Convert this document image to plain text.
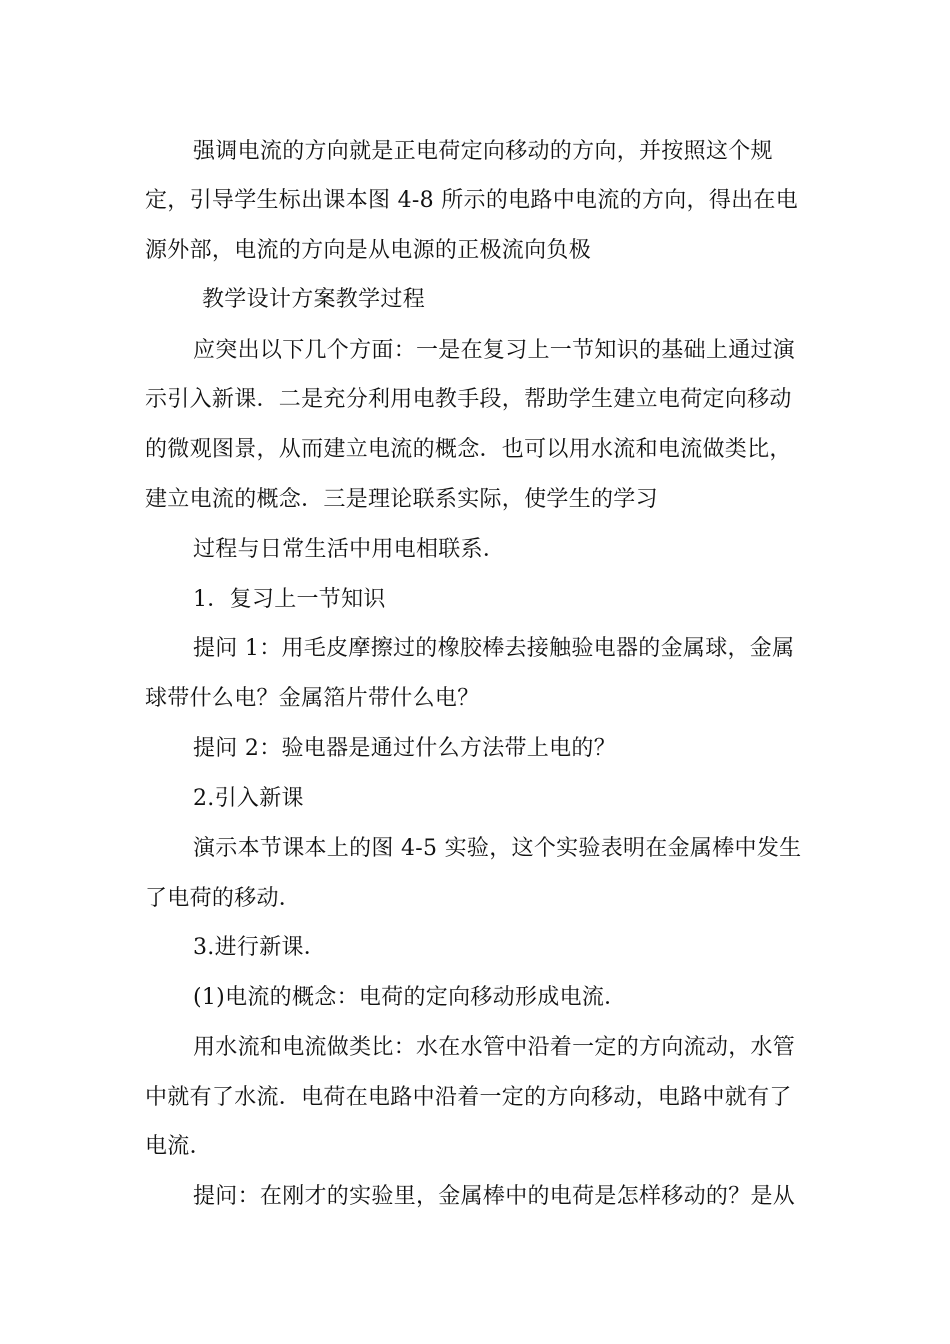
强调电流的方向就是正电荷定向移动的方向，并按照这个规
定，引导学生标出课本图 4-8 所示的电路中电流的方向，得出在电
源外部，电流的方向是从电源的正极流向负极
教学设计方案教学过程
应突出以下几个方面：一是在复习上一节知识的基础上通过演
示引入新课．二是充分利用电教手段，帮助学生建立电荷定向移动
的微观图景，从而建立电流的概念．也可以用水流和电流做类比，
建立电流的概念．三是理论联系实际，使学生的学习
过程与日常生活中用电相联系．
1．复习上一节知识
提问 1：用毛皮摩擦过的橡胶棒去接触验电器的金属球，金属
球带什么电？金属箔片带什么电？
提问 2：验电器是通过什么方法带上电的？
2.引入新课
演示本节课本上的图 4-5 实验，这个实验表明在金属棒中发生
了电荷的移动．
3.进行新课．
(1)电流的概念：电荷的定向移动形成电流．
用水流和电流做类比：水在水管中沿着一定的方向流动，水管
中就有了水流．电荷在电路中沿着一定的方向移动，电路中就有了
电流．
提问：在刚才的实验里，金属棒中的电荷是怎样移动的？是从
